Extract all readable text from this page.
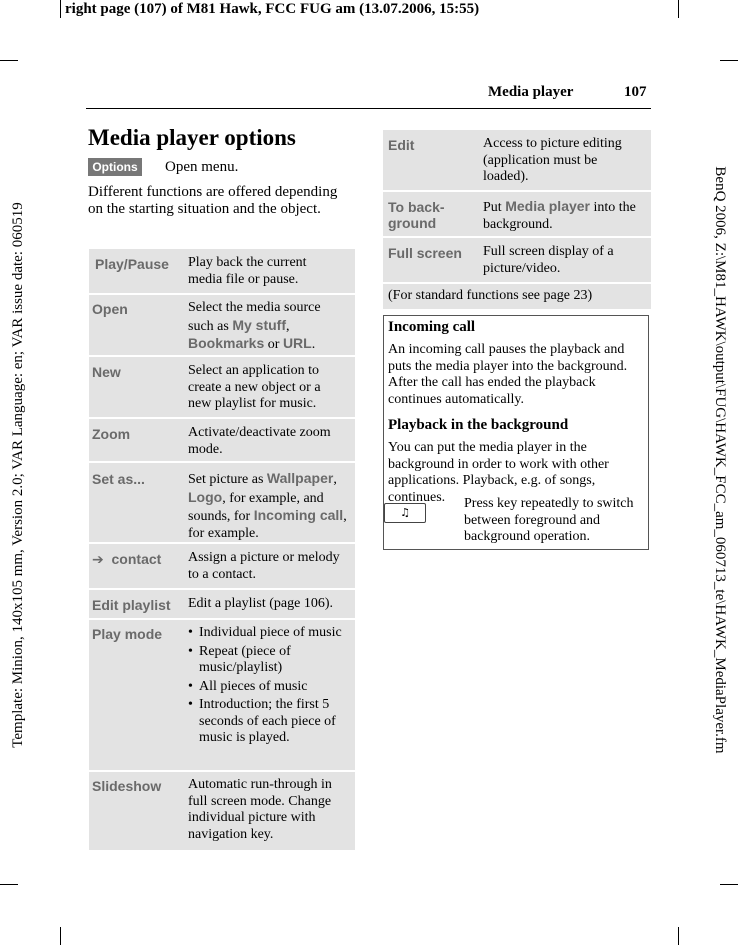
right page (107) of M81 Hawk, FCC FUG am (13.07.2006, 15:55)
Template: Minion, 140x105 mm, Version 2.0; VAR Language: en; VAR issue date: 060519	BenQ 2006, Z:\M81_HAWK\output\FUG\HAWK_FCC_am_060713_te\HAWK_MediaPlayer.fm
Media player	107
Media player options
Options Open menu.
Different functions are offered depending on the starting situation and the object.
Play/Pause Play back the current media file or pause.
Open	Select the media source such as My stuff, Bookmarks or URL.
New	Select an application to create a new object or a new playlist for music.
Zoom	Activate/deactivate zoom mode.
Set as...	Set picture as Wallpaper, Logo, for example, and sounds, for Incoming call, for example.
➔ contact Assign a picture or melody to a contact.
Edit playlist Edit a playlist (page 106).
Play mode
•	Individual piece of music
• Repeat (piece of music/playlist)
• All pieces of music
• Introduction; the first 5 seconds of each piece of music is played.
Slideshow Automatic run-through in full screen mode. Change individual picture with navigation key.
Edit	Access to picture editing (application must be loaded).
To back-
ground
Put Media player into the background.
Full screen Full screen display of a picture/video.
(For standard functions see page 23)
Incoming call
An incoming call pauses the playback and puts the media player into the background. After the call has ended the playback continues automatically.
Playback in the background
You can put the media player in the background in order to work with other applications. Playback, e.g. of songs, continues.
♫
Press key repeatedly to switch between foreground and background operation.
